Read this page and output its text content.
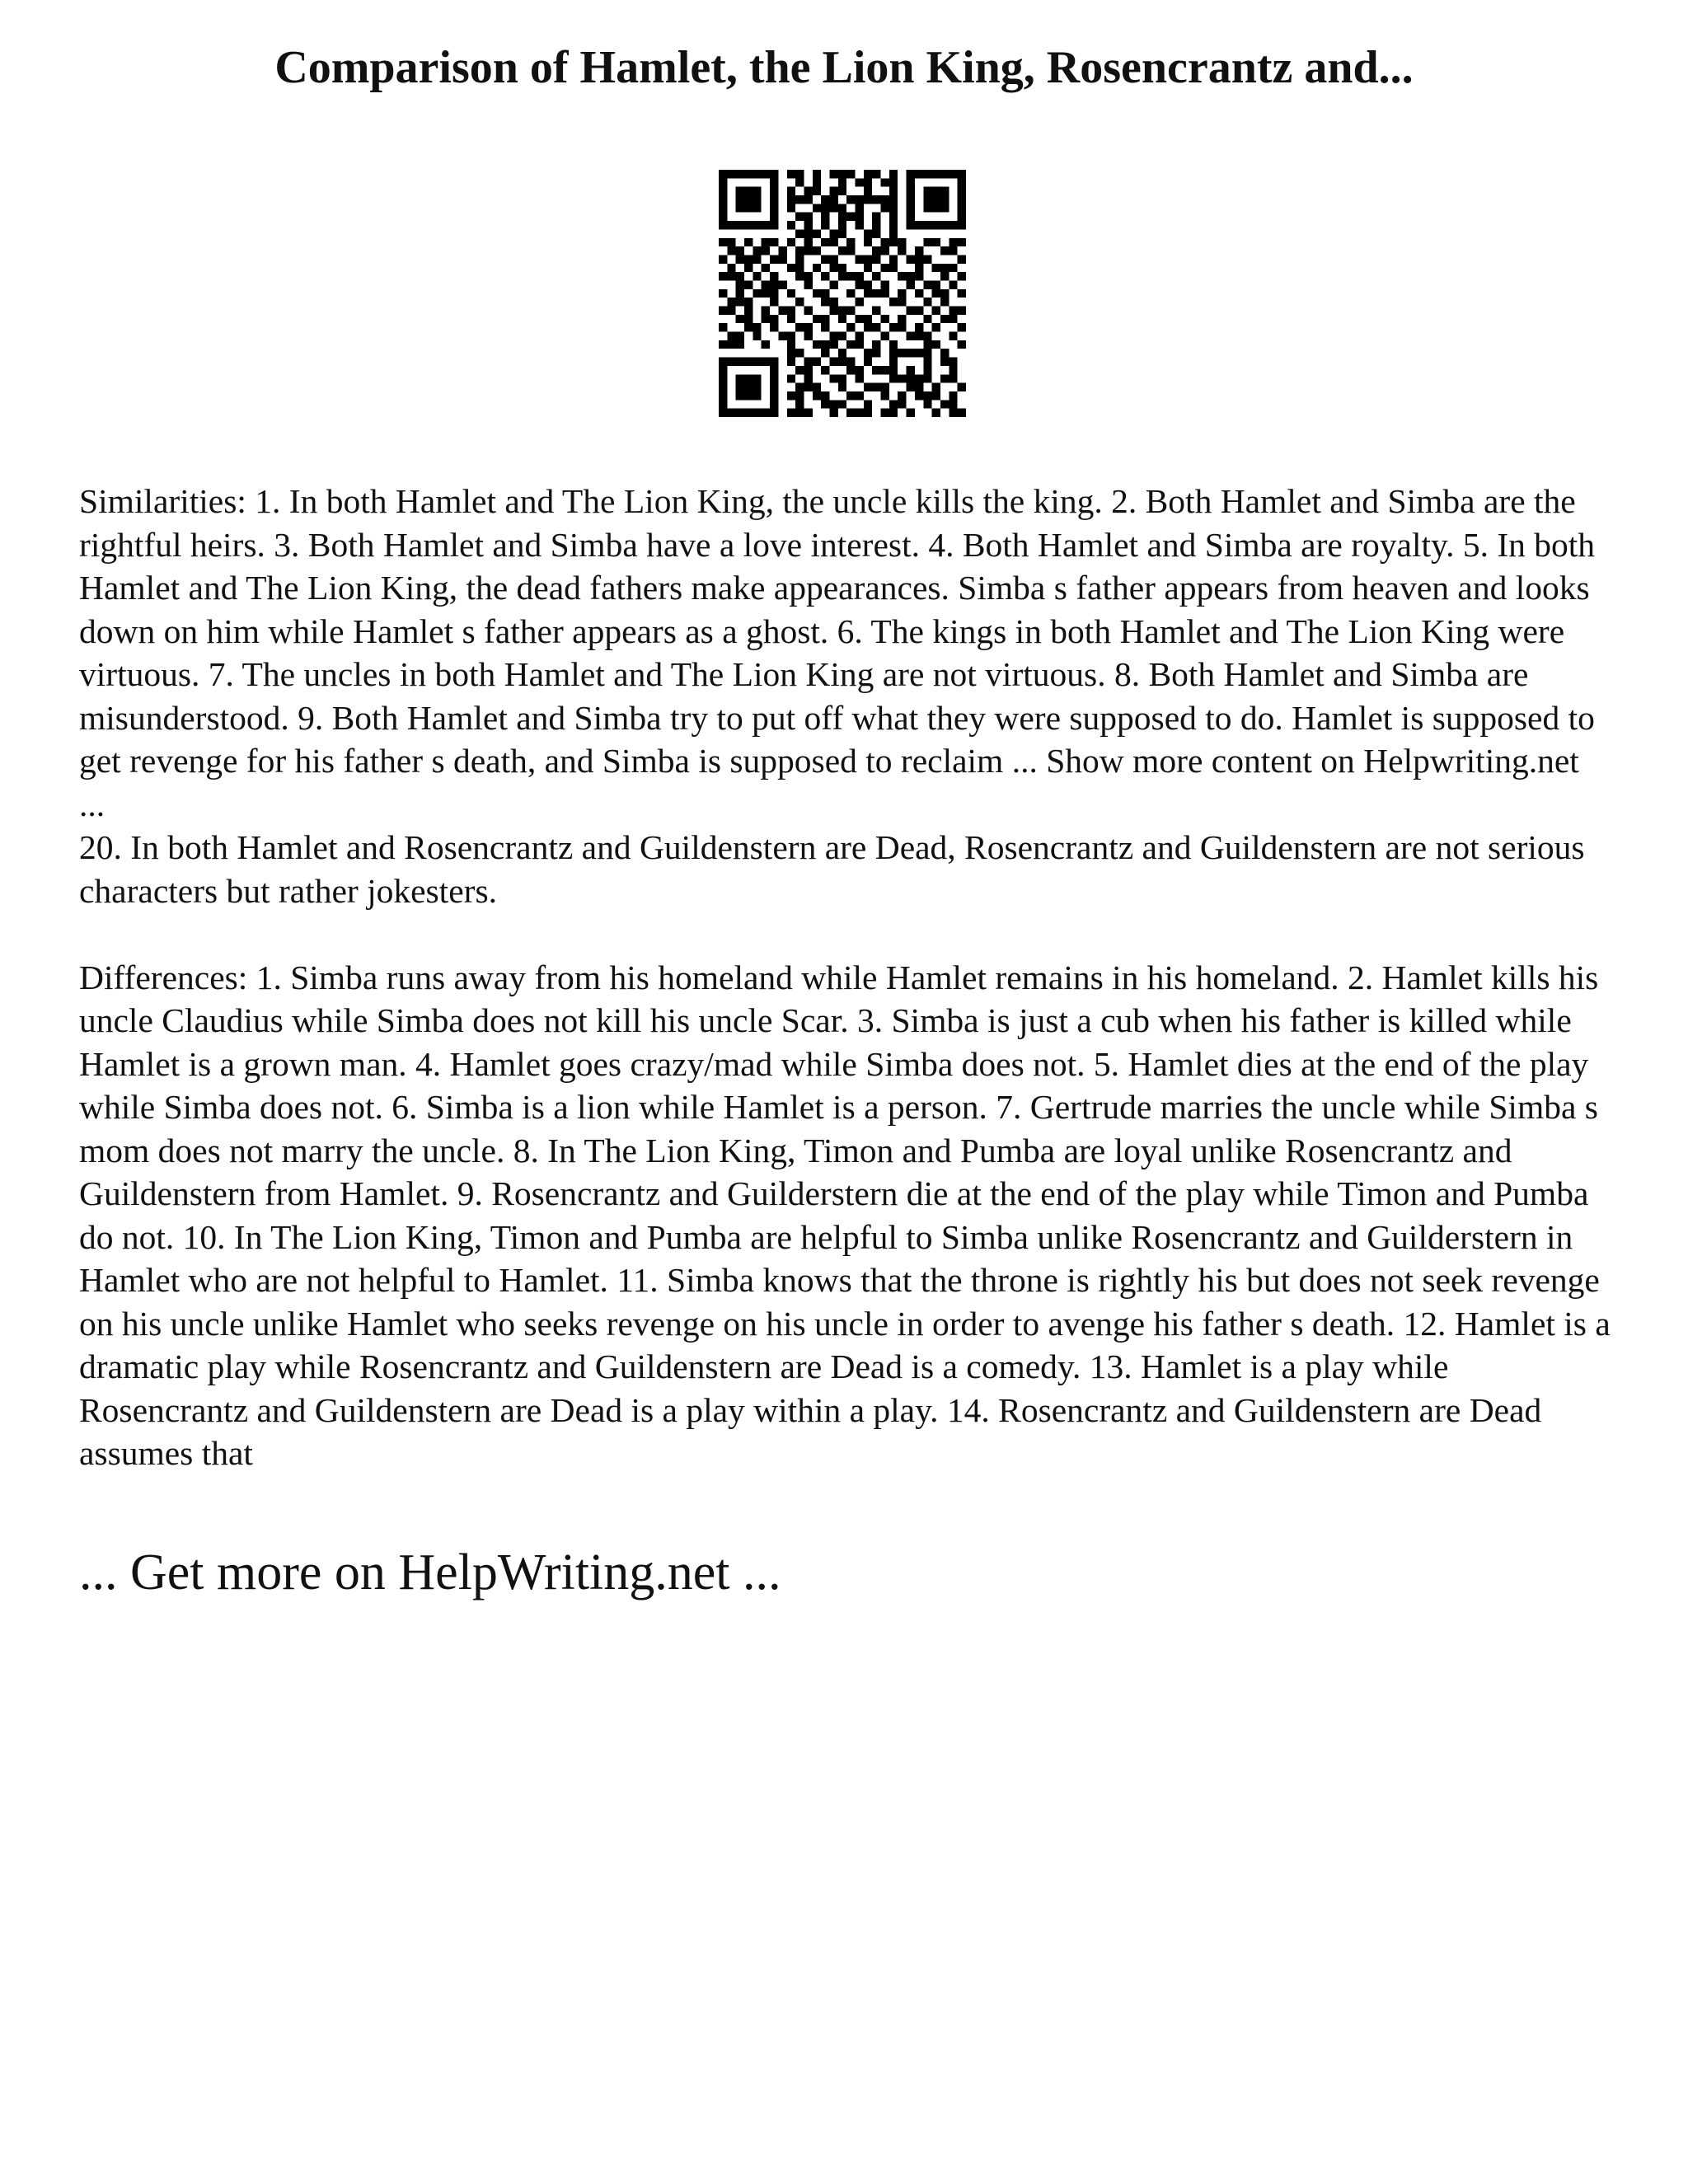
Comparison of Hamlet, the Lion King, Rosencrantz and...

Similarities: 1. In both Hamlet and The Lion King, the uncle kills the king. 2. Both Hamlet and Simba are the rightful heirs. 3. Both Hamlet and Simba have a love interest. 4. Both Hamlet and Simba are royalty. 5. In both Hamlet and The Lion King, the dead fathers make appearances. Simba s father appears from heaven and looks down on him while Hamlet s father appears as a ghost. 6. The kings in both Hamlet and The Lion King were virtuous. 7. The uncles in both Hamlet and The Lion King are not virtuous. 8. Both Hamlet and Simba are misunderstood. 9. Both Hamlet and Simba try to put off what they were supposed to do. Hamlet is supposed to get revenge for his father s death, and Simba is supposed to reclaim ... Show more content on Helpwriting.net ...

20. In both Hamlet and Rosencrantz and Guildenstern are Dead, Rosencrantz and Guildenstern are not serious characters but rather jokesters.

Differences: 1. Simba runs away from his homeland while Hamlet remains in his homeland. 2. Hamlet kills his uncle Claudius while Simba does not kill his uncle Scar. 3. Simba is just a cub when his father is killed while Hamlet is a grown man. 4. Hamlet goes crazy/mad while Simba does not. 5. Hamlet dies at the end of the play while Simba does not. 6. Simba is a lion while Hamlet is a person. 7. Gertrude marries the uncle while Simba s mom does not marry the uncle. 8. In The Lion King, Timon and Pumba are loyal unlike Rosencrantz and Guildenstern from Hamlet. 9. Rosencrantz and Guilderstern die at the end of the play while Timon and Pumba do not. 10. In The Lion King, Timon and Pumba are helpful to Simba unlike Rosencrantz and Guilderstern in Hamlet who are not helpful to Hamlet. 11. Simba knows that the throne is rightly his but does not seek revenge on his uncle unlike Hamlet who seeks revenge on his uncle in order to avenge his father s death. 12. Hamlet is a dramatic play while Rosencrantz and Guildenstern are Dead is a comedy. 13. Hamlet is a play while Rosencrantz and Guildenstern are Dead is a play within a play. 14. Rosencrantz and Guildenstern are Dead assumes that

... Get more on HelpWriting.net ...
